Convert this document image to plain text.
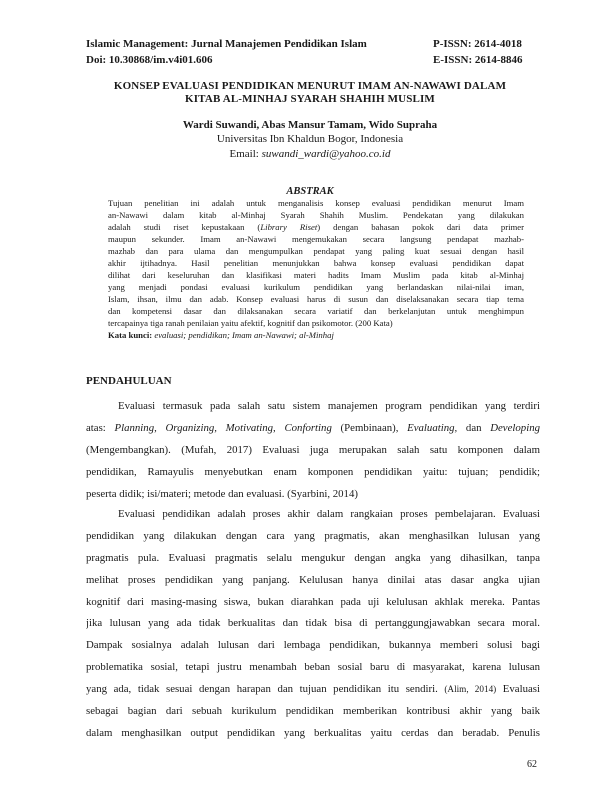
Islamic Management: Jurnal Manajemen Pendidikan Islam
Doi: 10.30868/im.v4i01.606
P-ISSN: 2614-4018
E-ISSN: 2614-8846
KONSEP EVALUASI PENDIDIKAN MENURUT IMAM AN-NAWAWI DALAM
KITAB AL-MINHAJ SYARAH SHAHIH MUSLIM
Wardi Suwandi, Abas Mansur Tamam, Wido Supraha
Universitas Ibn Khaldun Bogor, Indonesia
Email: suwandi_wardi@yahoo.co.id
ABSTRAK
Tujuan penelitian ini adalah untuk menganalisis konsep evaluasi pendidikan menurut Imam
an-Nawawi dalam kitab al-Minhaj Syarah Shahih Muslim. Pendekatan yang dilakukan
adalah studi riset kepustakaan (Library Riset) dengan bahasan pokok dari data primer
maupun sekunder. Imam an-Nawawi mengemukakan secara langsung pendapat mazhab-
mazhab dan para ulama dan mengumpulkan pendapat yang paling kuat sesuai dengan hasil
akhir ijtihadnya. Hasil penelitian menunjukkan bahwa konsep evaluasi pendidikan dapat
dilihat dari keseluruhan dan klasifikasi materi hadits Imam Muslim pada kitab al-Minhaj
yang menjadi pondasi evaluasi kurikulum pendidikan yang berlandaskan nilai-nilai iman,
Islam, ihsan, ilmu dan adab. Konsep evaluasi harus di susun dan diselaksanakan secara tiap tema
dan kompetensi dasar dan dilaksanakan secara variatif dan berkelanjutan untuk menghimpun
tercapainya tiga ranah penilaian yaitu afektif, kognitif dan psikomotor. (200 Kata)
Kata kunci: evaluasi; pendidikan; Imam an-Nawawi; al-Minhaj
PENDAHULUAN
Evaluasi termasuk pada salah satu sistem manajemen program pendidikan yang terdiri
atas: Planning, Organizing, Motivating, Conforting (Pembinaan), Evaluating, dan Developing
(Mengembangkan). (Mufah, 2017) Evaluasi juga merupakan salah satu komponen dalam
pendidikan, Ramayulis menyebutkan enam komponen pendidikan yaitu: tujuan; pendidik;
peserta didik; isi/materi; metode dan evaluasi. (Syarbini, 2014)
Evaluasi pendidikan adalah proses akhir dalam rangkaian proses pembelajaran. Evaluasi
pendidikan yang dilakukan dengan cara yang pragmatis, akan menghasilkan lulusan yang
pragmatis pula. Evaluasi pragmatis selalu mengukur dengan angka yang dihasilkan, tanpa
melihat proses pendidikan yang panjang. Kelulusan hanya dinilai atas dasar angka ujian
kognitif dari masing-masing siswa, bukan diarahkan pada uji kelulusan akhlak mereka. Pantas
jika lulusan yang ada tidak berkualitas dan tidak bisa di pertanggungjawabkan secara moral.
Dampak sosialnya adalah lulusan dari lembaga pendidikan, bukannya memberi solusi bagi
problematika sosial, tetapi justru menambah beban sosial baru di masyarakat, karena lulusan
yang ada, tidak sesuai dengan harapan dan tujuan pendidikan itu sendiri. (Alim, 2014) Evaluasi
sebagai bagian dari sebuah kurikulum pendidikan memberikan kontribusi akhir yang baik
dalam menghasilkan output pendidikan yang berkualitas yaitu cerdas dan beradab. Penulis
62
